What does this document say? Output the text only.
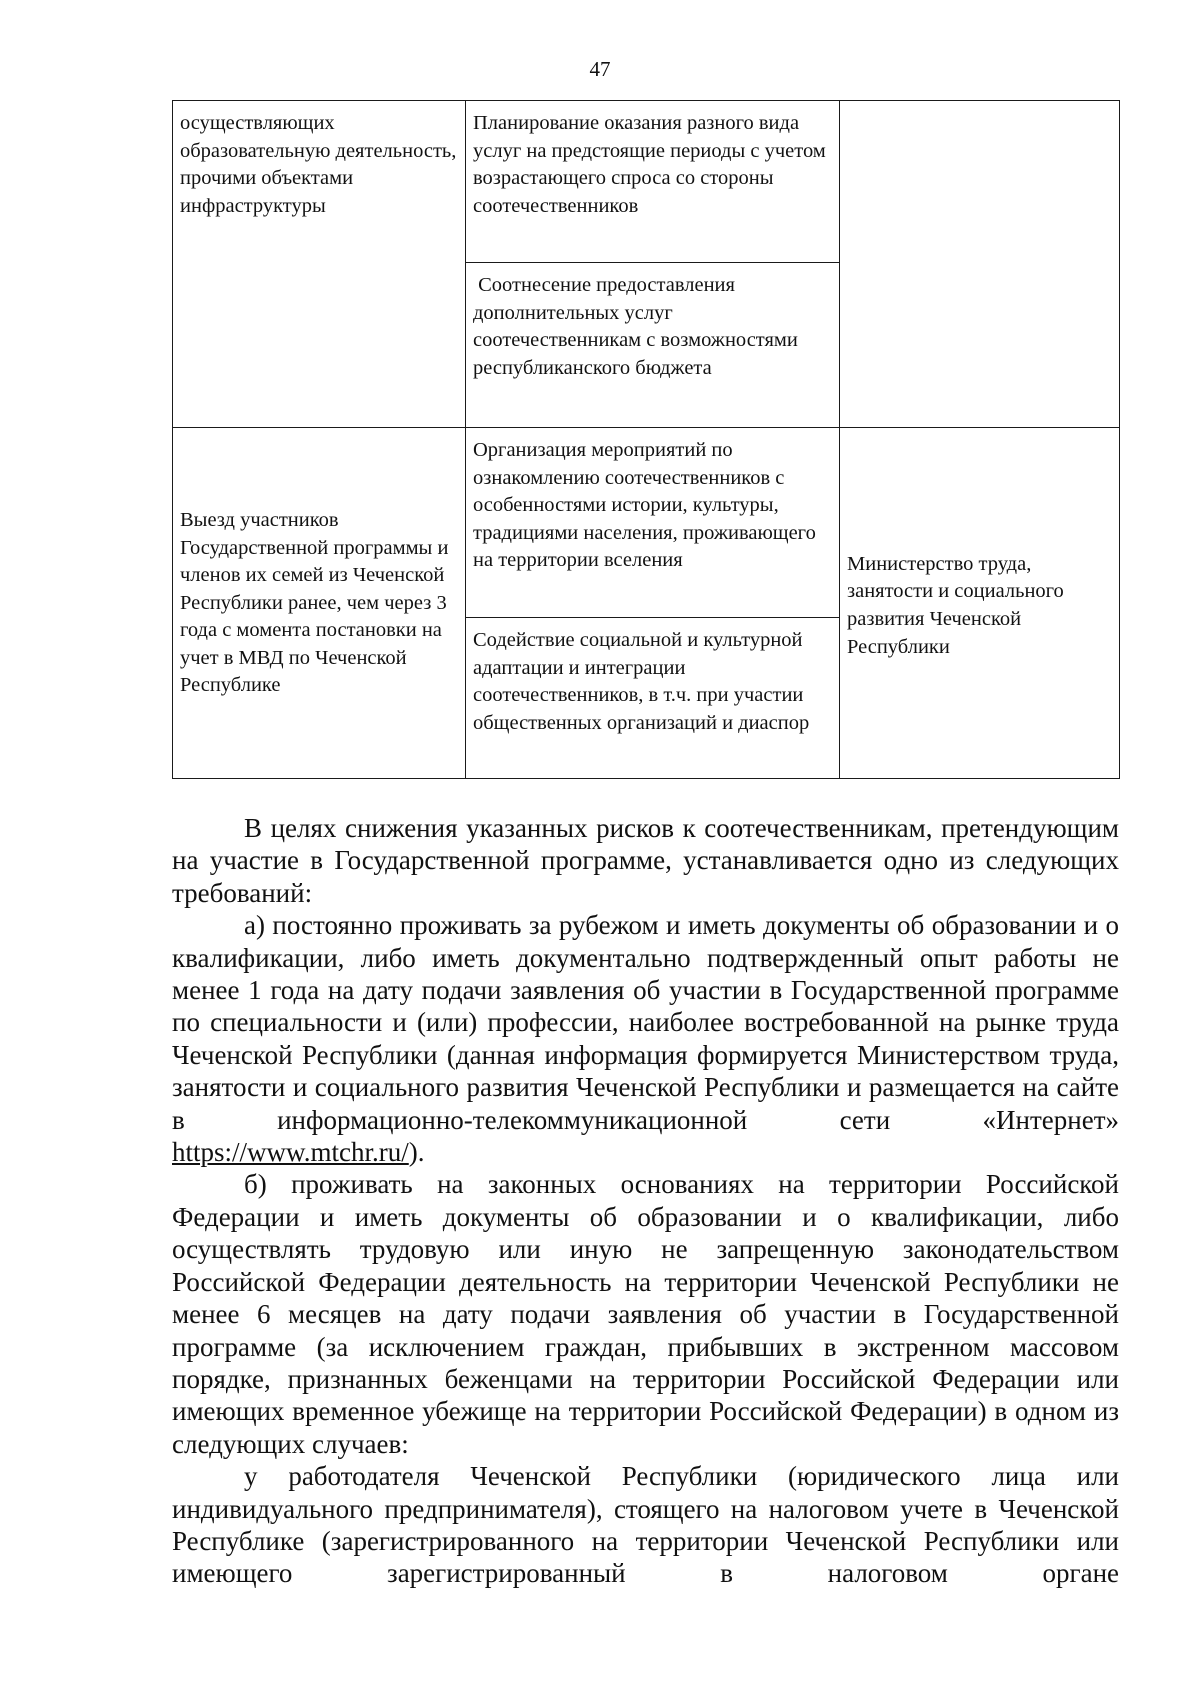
47
осуществляющих образовательную деятельность, прочими объектами инфраструктуры	Планирование оказания разного вида услуг на предстоящие периоды с учетом возрастающего спроса со стороны соотечественников	
	Соотнесение предоставления дополнительных услуг соотечественникам с возможностями республиканского бюджета	
Выезд участников Государственной программы и членов их семей из Чеченской Республики ранее, чем через 3 года с момента постановки на учет в МВД по Чеченской Республике	Организация мероприятий по ознакомлению соотечественников с особенностями истории, культуры, традициями населения, проживающего на территории вселения	Министерство труда, занятости и социального развития Чеченской Республики
	Содействие социальной и культурной адаптации и интеграции соотечественников, в т.ч. при участии общественных организаций и диаспор	

В целях снижения указанных рисков к соотечественникам, претендующим на участие в Государственной программе, устанавливается одно из следующих требований:

а) постоянно проживать за рубежом и иметь документы об образовании и о квалификации, либо иметь документально подтвержденный опыт работы не менее 1 года на дату подачи заявления об участии в Государственной программе по специальности и (или) профессии, наиболее востребованной на рынке труда Чеченской Республики (данная информация формируется Министерством труда, занятости и социального развития Чеченской Республики и размещается на сайте в информационно-телекоммуникационной сети «Интернет» https://www.mtchr.ru/).

б) проживать на законных основаниях на территории Российской Федерации и иметь документы об образовании и о квалификации, либо осуществлять трудовую или иную не запрещенную законодательством Российской Федерации деятельность на территории Чеченской Республики не менее 6 месяцев на дату подачи заявления об участии в Государственной программе (за исключением граждан, прибывших в экстренном массовом порядке, признанных беженцами на территории Российской Федерации или имеющих временное убежище на территории Российской Федерации) в одном из следующих случаев:

у работодателя Чеченской Республики (юридического лица или индивидуального предпринимателя), стоящего на налоговом учете в Чеченской Республике (зарегистрированного на территории Чеченской Республики или имеющего зарегистрированный в налоговом органе
